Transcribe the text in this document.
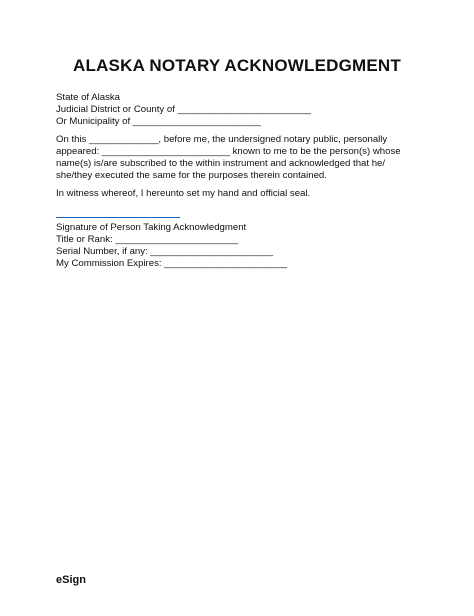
ALASKA NOTARY ACKNOWLEDGMENT
State of Alaska
Judicial District or County of _________________________
Or Municipality of ________________________
On this _____________, before me, the undersigned notary public, personally
appeared: ________________________ known to me to be the person(s) whose
name(s) is/are subscribed to the within instrument and acknowledged that he/
she/they executed the same for the purposes therein contained.
In witness whereof, I hereunto set my hand and official seal.
Signature of Person Taking Acknowledgment
Title or Rank: _______________________
Serial Number, if any: _______________________
My Commission Expires: _______________________
eSign
